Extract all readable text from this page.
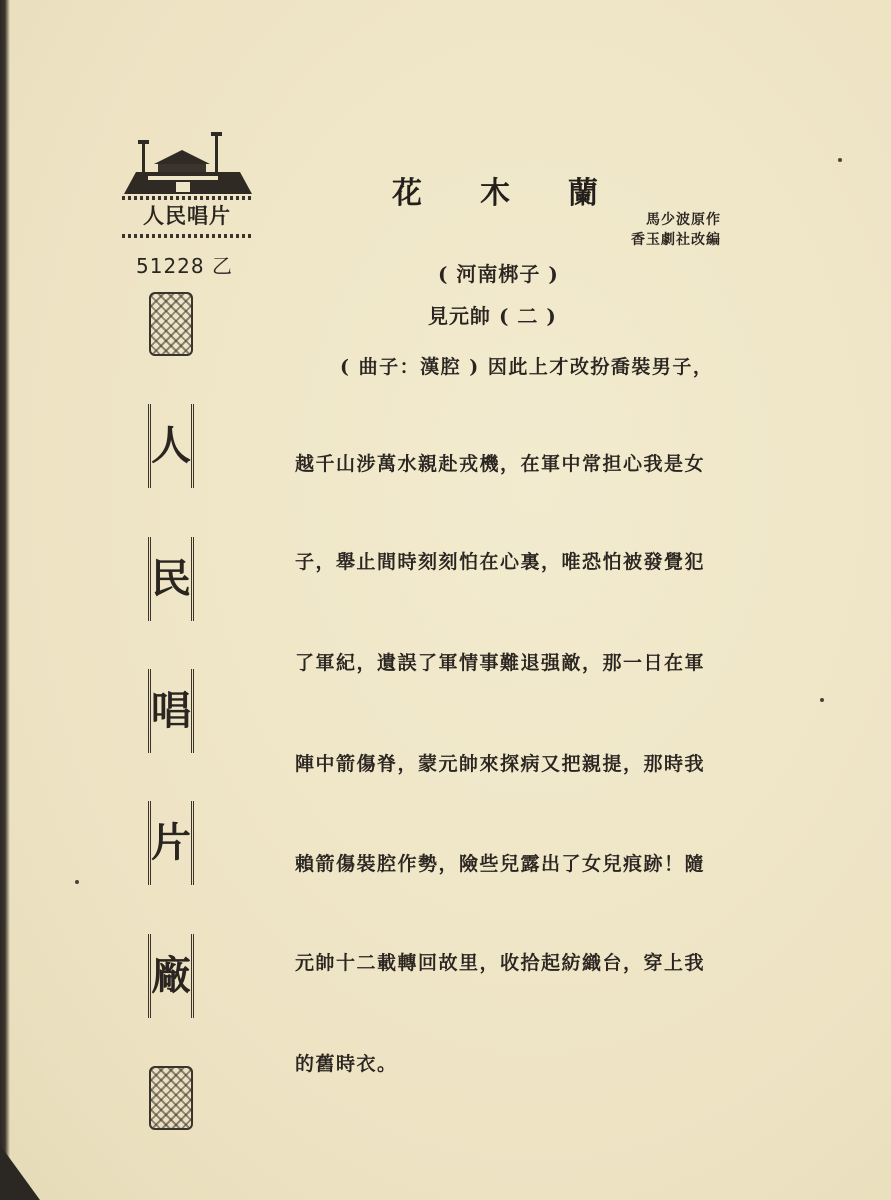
人民唱片
51228 乙
人
民
唱
片
廠
花木蘭
馬少波原作
香玉劇社改編
( 河南梆子 )
見元帥 ( 二 )
( 曲子：漢腔 ) 因此上才改扮喬裝男子，
越千山涉萬水親赴戎機，在軍中常担心我是女
子，舉止間時刻刻怕在心裏，唯恐怕被發覺犯
了軍紀，遺誤了軍情事難退强敵，那一日在軍
陣中箭傷脊，蒙元帥來探病又把親提，那時我
賴箭傷裝腔作勢，險些兒露出了女兒痕跡！隨
元帥十二載轉回故里，收拾起紡織台，穿上我
的舊時衣。
